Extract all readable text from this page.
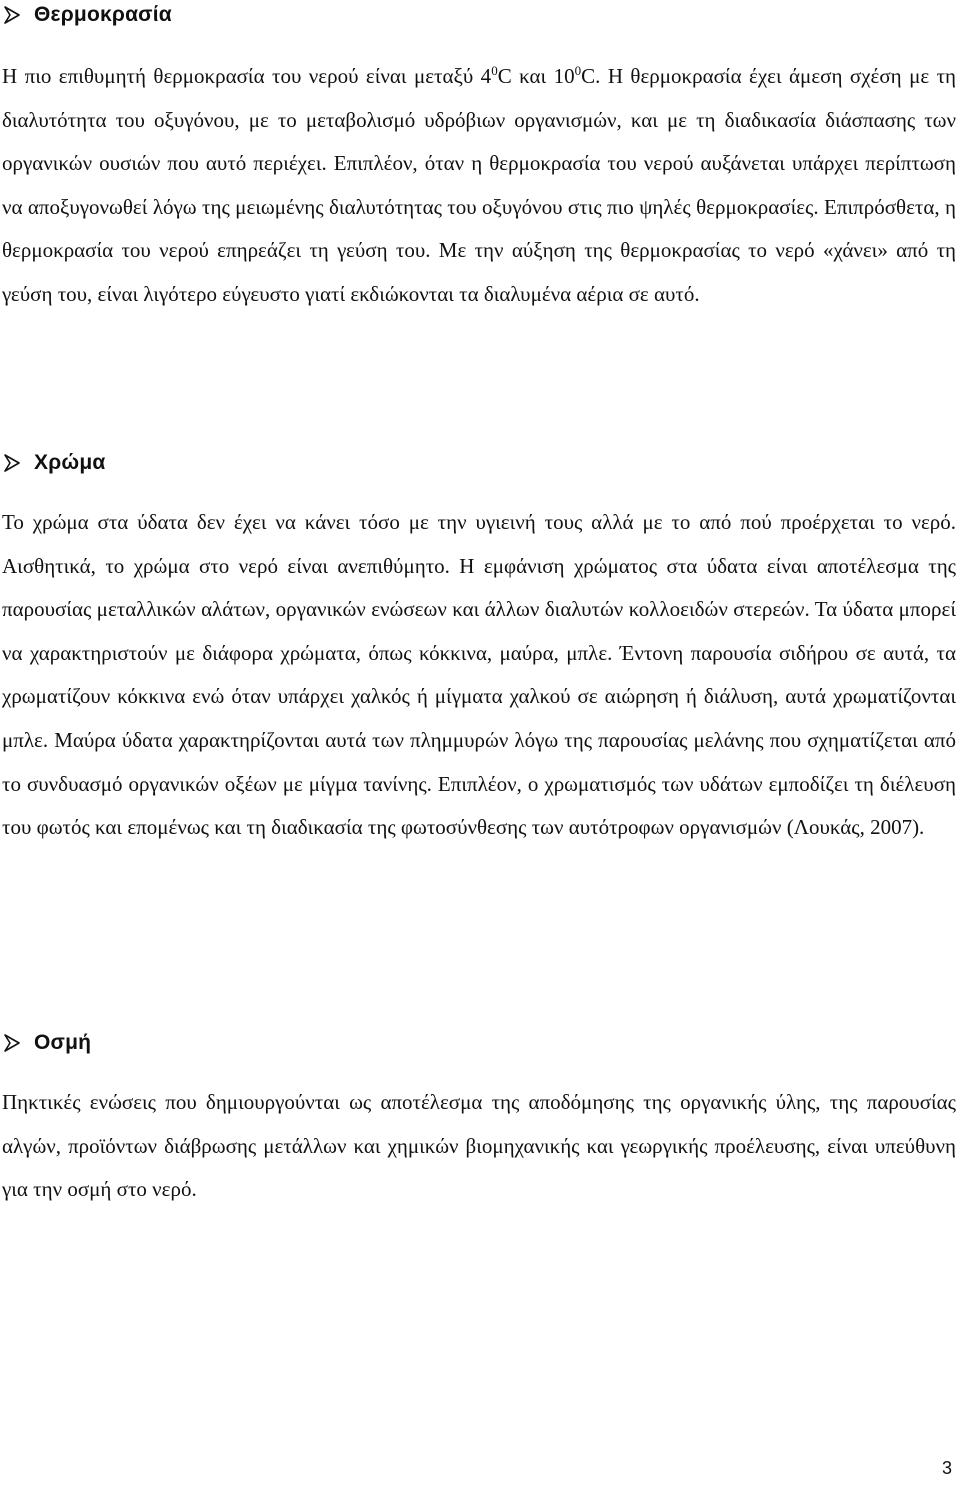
Θερμοκρασία

Η πιο επιθυμητή θερμοκρασία του νερού είναι μεταξύ $4^0C$ και $10^0C$. Η θερμοκρασία έχει άμεση σχέση με τη διαλυτότητα του οξυγόνου, με το μεταβολισμό υδρόβιων οργανισμών, και με τη διαδικασία διάσπασης των οργανικών ουσιών που αυτό περιέχει. Επιπλέον, όταν η θερμοκρασία του νερού αυξάνεται υπάρχει περίπτωση να αποξυγονωθεί λόγω της μειωμένης διαλυτότητας του οξυγόνου στις πιο ψηλές θερμοκρασίες. Επιπρόσθετα, η θερμοκρασία του νερού επηρεάζει τη γεύση του. Με την αύξηση της θερμοκρασίας το νερό «χάνει» από τη γεύση του, είναι λιγότερο εύγευστο γιατί εκδιώκονται τα διαλυμένα αέρια σε αυτό.

Χρώμα

Το χρώμα στα ύδατα δεν έχει να κάνει τόσο με την υγιεινή τους αλλά με το από πού προέρχεται το νερό. Αισθητικά, το χρώμα στο νερό είναι ανεπιθύμητο. Η εμφάνιση χρώματος στα ύδατα είναι αποτέλεσμα της παρουσίας μεταλλικών αλάτων, οργανικών ενώσεων και άλλων διαλυτών κολλοειδών στερεών. Τα ύδατα μπορεί να χαρακτηριστούν με διάφορα χρώματα, όπως κόκκινα, μαύρα, μπλε. Έντονη παρουσία σιδήρου σε αυτά, τα χρωματίζουν κόκκινα ενώ όταν υπάρχει χαλκός ή μίγματα χαλκού σε αιώρηση ή διάλυση, αυτά χρωματίζονται μπλε. Μαύρα ύδατα χαρακτηρίζονται αυτά των πλημμυρών λόγω της παρουσίας μελάνης που σχηματίζεται από το συνδυασμό οργανικών οξέων με μίγμα τανίνης. Επιπλέον, ο χρωματισμός των υδάτων εμποδίζει τη διέλευση του φωτός και επομένως και τη διαδικασία της φωτοσύνθεσης των αυτότροφων οργανισμών (Λουκάς, 2007).

Οσμή

Πηκτικές ενώσεις που δημιουργούνται ως αποτέλεσμα της αποδόμησης της οργανικής ύλης, της παρουσίας αλγών, προϊόντων διάβρωσης μετάλλων και χημικών βιομηχανικής και γεωργικής προέλευσης, είναι υπεύθυνη για την οσμή στο νερό.

3
